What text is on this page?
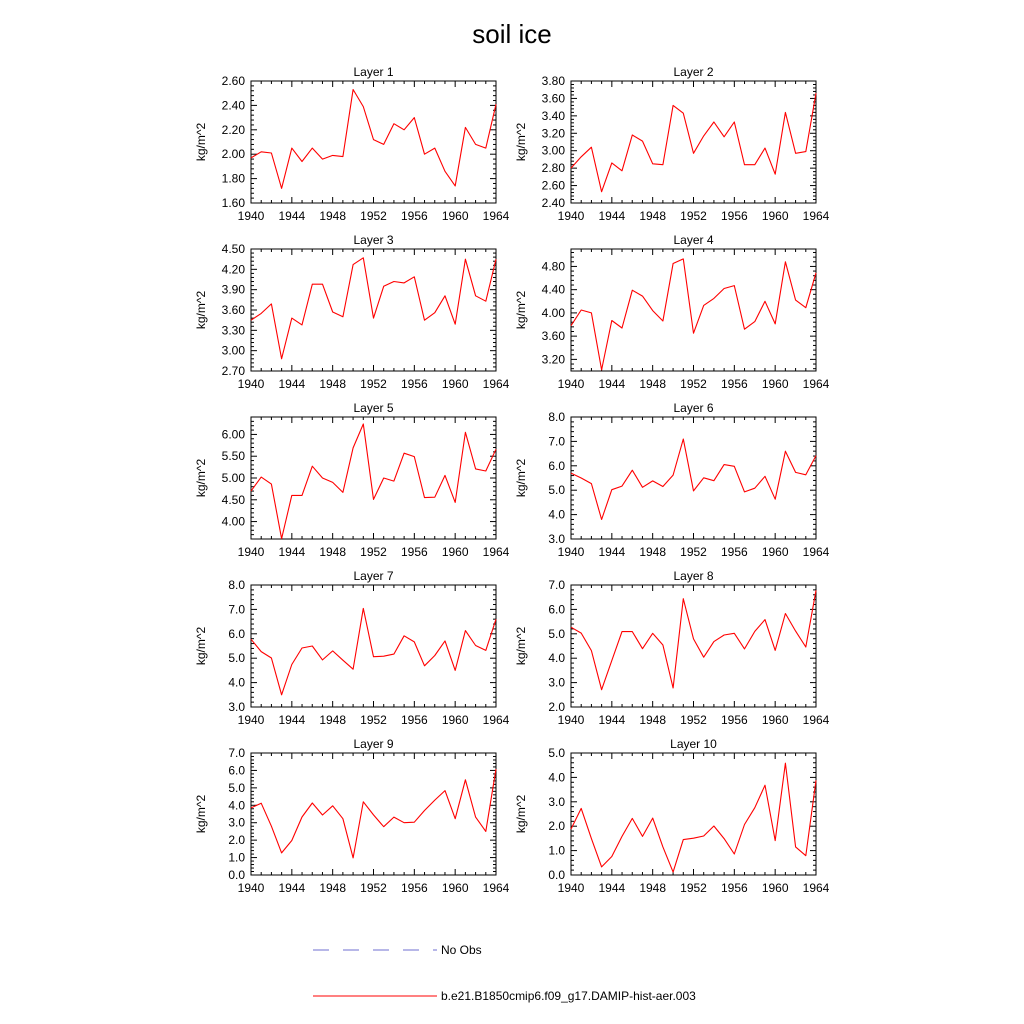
soil ice
Layer 1
kg/m^2
1940 1944 1948 1952 1956 1960 1964
1.60
1.80
2.00
2.20
2.40
2.60
Layer 2
kg/m^2
1940 1944 1948 1952 1956 1960 1964
2.40
2.60
2.80
3.00
3.20
3.40
3.60
3.80
Layer 3
kg/m^2
1940 1944 1948 1952 1956 1960 1964
2.70
3.00
3.30
3.60
3.90
4.20
4.50
Layer 4
kg/m^2
1940 1944 1948 1952 1956 1960 1964
3.20
3.60
4.00
4.40
4.80
Layer 5
kg/m^2
1940 1944 1948 1952 1956 1960 1964
4.00
4.50
5.00
5.50
6.00
Layer 6
kg/m^2
1940 1944 1948 1952 1956 1960 1964
3.0
4.0
5.0
6.0
7.0
8.0
Layer 7
kg/m^2
1940 1944 1948 1952 1956 1960 1964
3.0
4.0
5.0
6.0
7.0
8.0
Layer 8
kg/m^2
1940 1944 1948 1952 1956 1960 1964
2.0
3.0
4.0
5.0
6.0
7.0
Layer 9
kg/m^2
1940 1944 1948 1952 1956 1960 1964
0.0
1.0
2.0
3.0
4.0
5.0
6.0
7.0
Layer 10
kg/m^2
1940 1944 1948 1952 1956 1960 1964
0.0
1.0
2.0
3.0
4.0
5.0
No Obs
b.e21.B1850cmip6.f09_g17.DAMIP-hist-aer.003
